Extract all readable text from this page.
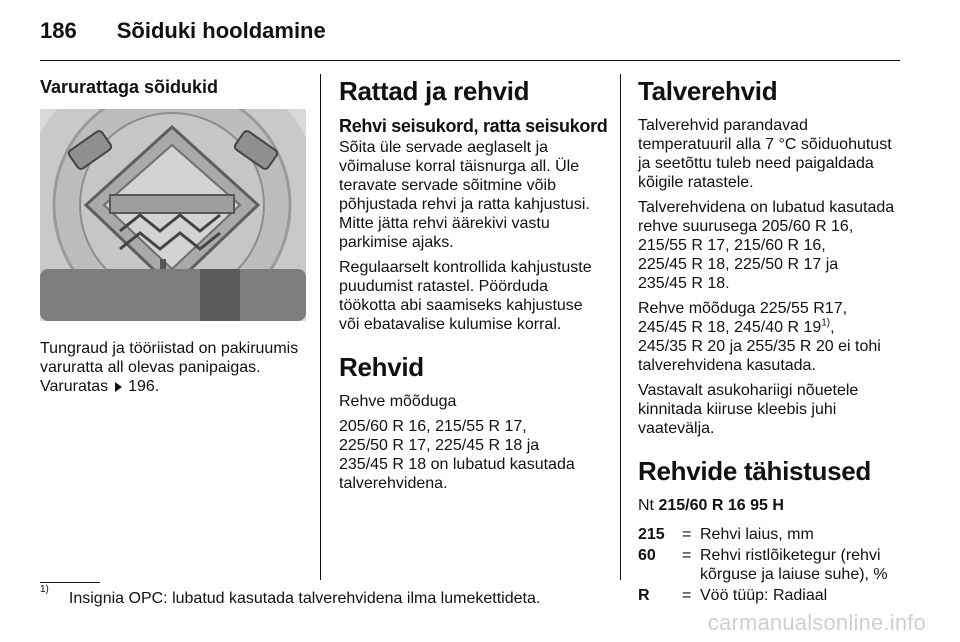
186 Sõiduki hooldamine
Varurattaga sõidukid
Tungraud ja tööriistad on pakiruumis
varuratta all olevas panipaigas.
Varuratas 196.
Rattad ja rehvid
Rehvi seisukord, ratta seisukord

Sõita üle servade aeglaselt ja
võimaluse korral täisnurga all. Üle
teravate servade sõitmine võib
põhjustada rehvi ja ratta kahjustusi.
Mitte jätta rehvi äärekivi vastu
parkimise ajaks.

Regulaarselt kontrollida kahjustuste
puudumist ratastel. Pöörduda
töökotta abi saamiseks kahjustuse
või ebatavalise kulumise korral.

Rehvid

Rehve mõõduga

205/60 R 16, 215/55 R 17,
225/50 R 17, 225/45 R 18 ja
235/45 R 18 on lubatud kasutada
talverehvidena.

Talverehvid

Talverehvid parandavad
temperatuuril alla 7 °C sõiduohutust
ja seetõttu tuleb need paigaldada
kõigile ratastele.

Talverehvidena on lubatud kasutada
rehve suurusega 205/60 R 16,
215/55 R 17, 215/60 R 16,
225/45 R 18, 225/50 R 17 ja
235/45 R 18.

Rehve mõõduga 225/55 R17,
245/45 R 18, 245/40 R 19$^{1)}$,
245/35 R 20 ja 255/35 R 20 ei tohi
talverehvidena kasutada.

Vastavalt asukohariigi nõuetele
kinnitada kiiruse kleebis juhi
vaatevälja.

Rehvide tähistused
Nt 215/60 R 16 95 H
215	= Rehvi laius, mm
60	= Rehvi ristlõiketegur (rehvi
kõrguse ja laiuse suhe), %
R	= Vöö tüüp: Radiaal
1)
Insignia OPC: lubatud kasutada talverehvidena ilma lumekettideta.
carmanualsonline.info
